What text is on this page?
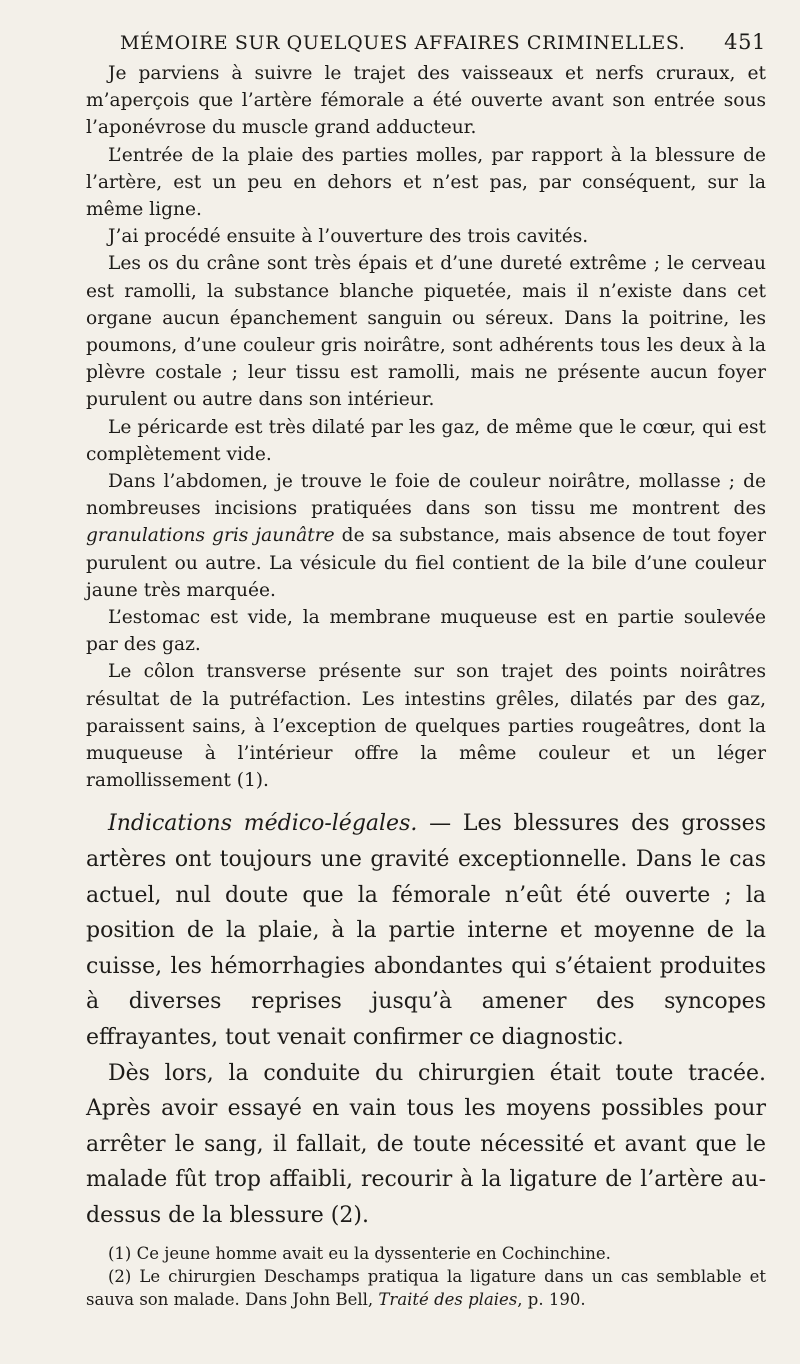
MÉMOIRE SUR QUELQUES AFFAIRES CRIMINELLES. 451

Je parviens à suivre le trajet des vaisseaux et nerfs cruraux, et m’aperçois que l’artère fémorale a été ouverte avant son entrée sous l’aponévrose du muscle grand adducteur.

L’entrée de la plaie des parties molles, par rapport à la blessure de l’artère, est un peu en dehors et n’est pas, par conséquent, sur la même ligne.

J’ai procédé ensuite à l’ouverture des trois cavités.

Les os du crâne sont très épais et d’une dureté extrême ; le cerveau est ramolli, la substance blanche piquetée, mais il n’existe dans cet organe aucun épanchement sanguin ou séreux. Dans la poitrine, les poumons, d’une couleur gris noirâtre, sont adhérents tous les deux à la plèvre costale ; leur tissu est ramolli, mais ne présente aucun foyer purulent ou autre dans son intérieur.

Le péricarde est très dilaté par les gaz, de même que le cœur, qui est complètement vide.

Dans l’abdomen, je trouve le foie de couleur noirâtre, mollasse ; de nombreuses incisions pratiquées dans son tissu me montrent des granulations gris jaunâtre de sa substance, mais absence de tout foyer purulent ou autre. La vésicule du fiel contient de la bile d’une couleur jaune très marquée.

L’estomac est vide, la membrane muqueuse est en partie soulevée par des gaz.

Le côlon transverse présente sur son trajet des points noirâtres résultat de la putréfaction. Les intestins grêles, dilatés par des gaz, paraissent sains, à l’exception de quelques parties rougeâtres, dont la muqueuse à l’intérieur offre la même couleur et un léger ramollissement (1).

Indications médico-légales. — Les blessures des grosses artères ont toujours une gravité exceptionnelle. Dans le cas actuel, nul doute que la fémorale n’eût été ouverte ; la position de la plaie, à la partie interne et moyenne de la cuisse, les hémorrhagies abondantes qui s’étaient produites à diverses reprises jusqu’à amener des syncopes effrayantes, tout venait confirmer ce diagnostic.

Dès lors, la conduite du chirurgien était toute tracée. Après avoir essayé en vain tous les moyens possibles pour arrêter le sang, il fallait, de toute nécessité et avant que le malade fût trop affaibli, recourir à la ligature de l’artère au-dessus de la blessure (2).

(1) Ce jeune homme avait eu la dyssenterie en Cochinchine.

(2) Le chirurgien Deschamps pratiqua la ligature dans un cas semblable et sauva son malade. Dans John Bell, Traité des plaies, p. 190.
